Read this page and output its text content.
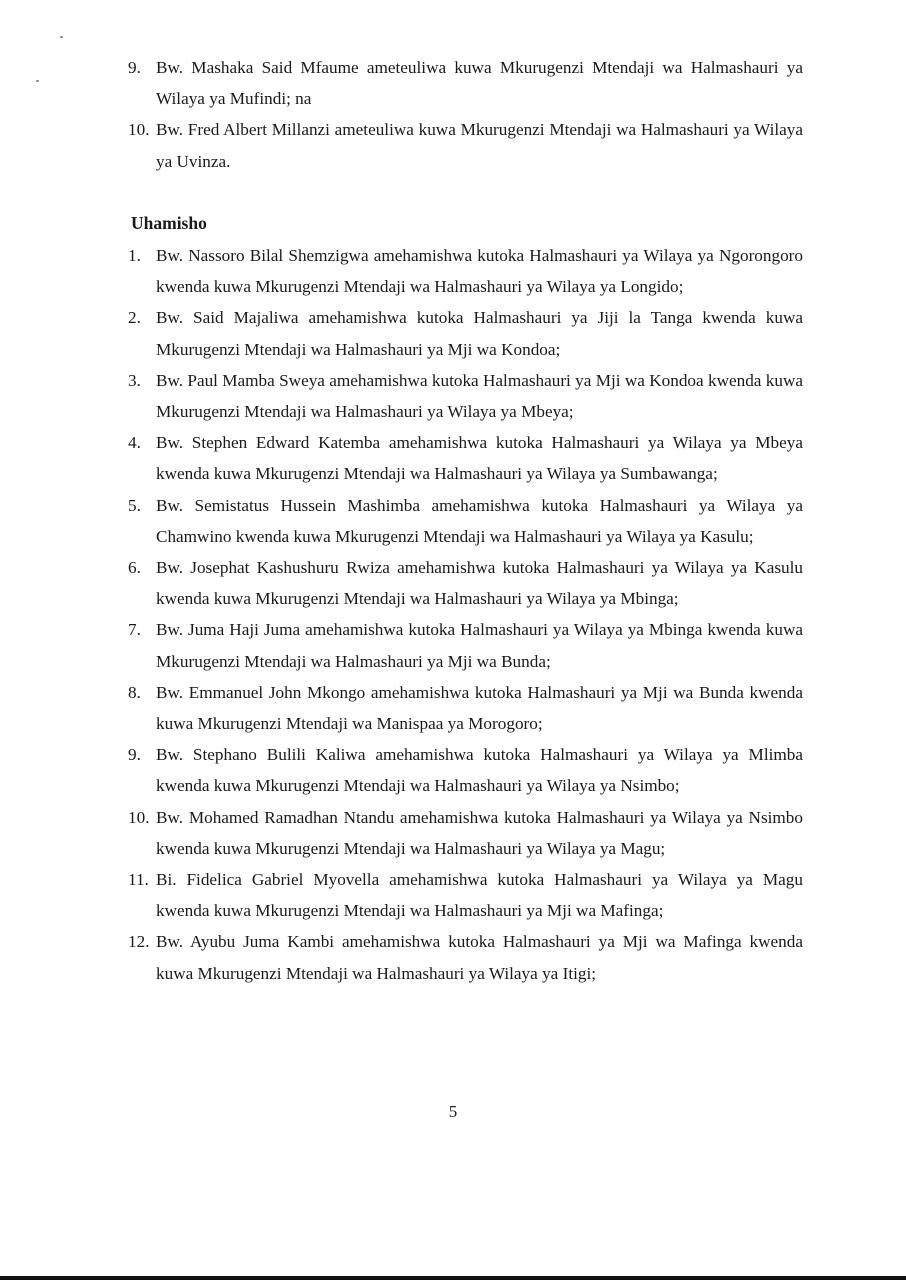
9. Bw. Mashaka Said Mfaume ameteuliwa kuwa Mkurugenzi Mtendaji wa Halmashauri ya Wilaya ya Mufindi; na
10. Bw. Fred Albert Millanzi ameteuliwa kuwa Mkurugenzi Mtendaji wa Halmashauri ya Wilaya ya Uvinza.
Uhamisho
1. Bw. Nassoro Bilal Shemzigwa amehamishwa kutoka Halmashauri ya Wilaya ya Ngorongoro kwenda kuwa Mkurugenzi Mtendaji wa Halmashauri ya Wilaya ya Longido;
2. Bw. Said Majaliwa amehamishwa kutoka Halmashauri ya Jiji la Tanga kwenda kuwa Mkurugenzi Mtendaji wa Halmashauri ya Mji wa Kondoa;
3. Bw. Paul Mamba Sweya amehamishwa kutoka Halmashauri ya Mji wa Kondoa kwenda kuwa Mkurugenzi Mtendaji wa Halmashauri ya Wilaya ya Mbeya;
4. Bw. Stephen Edward Katemba amehamishwa kutoka Halmashauri ya Wilaya ya Mbeya kwenda kuwa Mkurugenzi Mtendaji wa Halmashauri ya Wilaya ya Sumbawanga;
5. Bw. Semistatus Hussein Mashimba amehamishwa kutoka Halmashauri ya Wilaya ya Chamwino kwenda kuwa Mkurugenzi Mtendaji wa Halmashauri ya Wilaya ya Kasulu;
6. Bw. Josephat Kashushuru Rwiza amehamishwa kutoka Halmashauri ya Wilaya ya Kasulu kwenda kuwa Mkurugenzi Mtendaji wa Halmashauri ya Wilaya ya Mbinga;
7. Bw. Juma Haji Juma amehamishwa kutoka Halmashauri ya Wilaya ya Mbinga kwenda kuwa Mkurugenzi Mtendaji wa Halmashauri ya Mji wa Bunda;
8. Bw. Emmanuel John Mkongo amehamishwa kutoka Halmashauri ya Mji wa Bunda kwenda kuwa Mkurugenzi Mtendaji wa Manispaa ya Morogoro;
9. Bw. Stephano Bulili Kaliwa amehamishwa kutoka Halmashauri ya Wilaya ya Mlimba kwenda kuwa Mkurugenzi Mtendaji wa Halmashauri ya Wilaya ya Nsimbo;
10. Bw. Mohamed Ramadhan Ntandu amehamishwa kutoka Halmashauri ya Wilaya ya Nsimbo kwenda kuwa Mkurugenzi Mtendaji wa Halmashauri ya Wilaya ya Magu;
11. Bi. Fidelica Gabriel Myovella amehamishwa kutoka Halmashauri ya Wilaya ya Magu kwenda kuwa Mkurugenzi Mtendaji wa Halmashauri ya Mji wa Mafinga;
12. Bw. Ayubu Juma Kambi amehamishwa kutoka Halmashauri ya Mji wa Mafinga kwenda kuwa Mkurugenzi Mtendaji wa Halmashauri ya Wilaya ya Itigi;
5
